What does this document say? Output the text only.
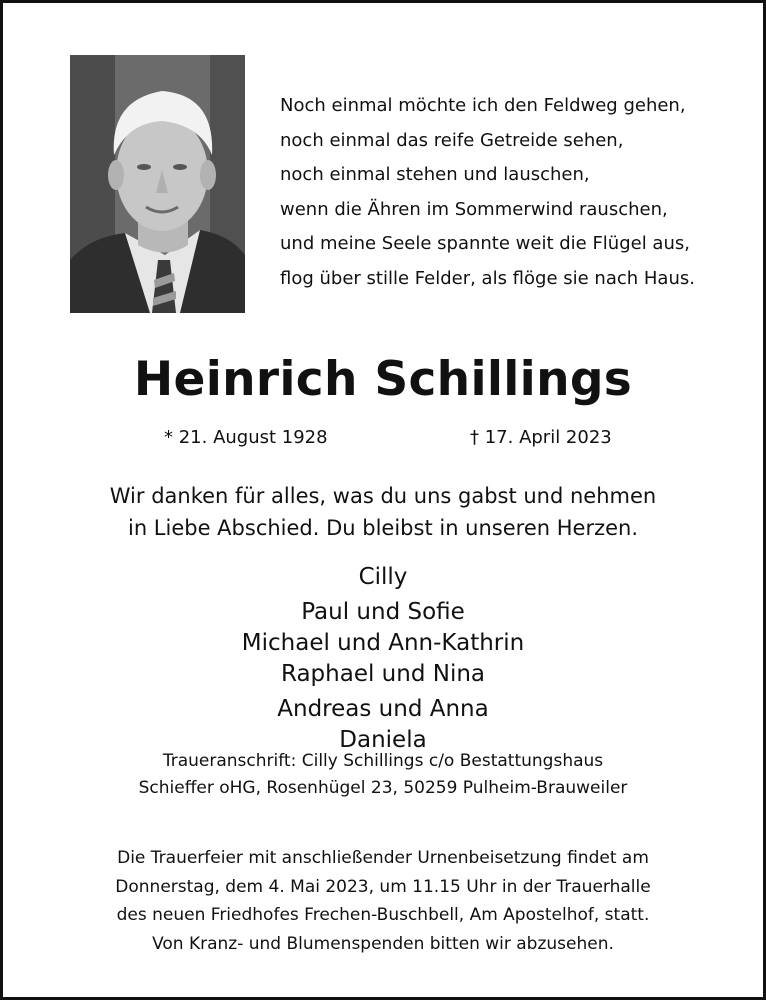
Noch einmal möchte ich den Feldweg gehen,

noch einmal das reife Getreide sehen,

noch einmal stehen und lauschen,

wenn die Ähren im Sommerwind rauschen,

und meine Seele spannte weit die Flügel aus,

flog über stille Felder, als flöge sie nach Haus.

Heinrich Schillings
* 21. August 1928	† 17. April 2023

Wir danken für alles, was du uns gabst und nehmen

in Liebe Abschied. Du bleibst in unseren Herzen.

Cilly

Paul und Sofie

Michael und Ann-Kathrin

Raphael und Nina

Andreas und Anna

Daniela

Traueranschrift: Cilly Schillings c/o Bestattungshaus

Schieffer oHG, Rosenhügel 23, 50259 Pulheim-Brauweiler

Die Trauerfeier mit anschließender Urnenbeisetzung findet am

Donnerstag, dem 4. Mai 2023, um 11.15 Uhr in der Trauerhalle

des neuen Friedhofes Frechen-Buschbell, Am Apostelhof, statt.

Von Kranz- und Blumenspenden bitten wir abzusehen.
